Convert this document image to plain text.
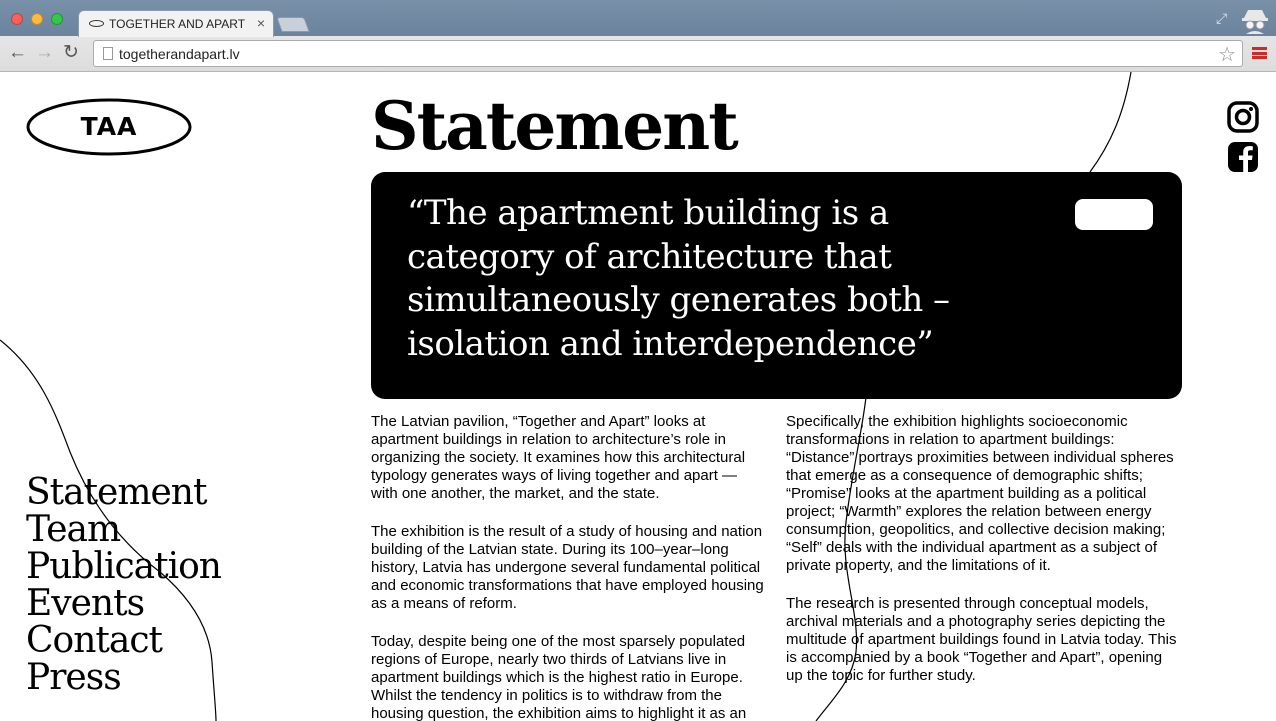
TOGETHER AND APART ×	⤢
← → ↻	togetherandapart.lv	☆
TAA	Statement

“The apartment building is a category of architecture that simultaneously generates both – isolation and interdependence”

The Latvian pavilion, “Together and Apart” looks at apartment buildings in relation to architecture’s role in organizing the society. It examines how this architectural typology generates ways of living together and apart — with one another, the market, and the state.

The exhibition is the result of a study of housing and nation building of the Latvian state. During its 100–year–long history, Latvia has undergone several fundamental political and economic transformations that have employed housing as a means of reform.

Today, despite being one of the most sparsely populated regions of Europe, nearly two thirds of Latvians live in apartment buildings which is the highest ratio in Europe. Whilst the tendency in politics is to withdraw from the housing question, the exhibition aims to highlight it as an

Specifically, the exhibition highlights socioeconomic transformations in relation to apartment buildings: “Distance” portrays proximities between individual spheres that emerge as a consequence of demographic shifts; “Promise” looks at the apartment building as a political project; “Warmth” explores the relation between energy consumption, geopolitics, and collective decision making; “Self” deals with the individual apartment as a subject of private property, and the limitations of it.

The research is presented through conceptual models, archival materials and a photography series depicting the multitude of apartment buildings found in Latvia today. This is accompanied by a book “Together and Apart”, opening up the topic for further study.

Statement
Team
Publication
Events
Contact
Press
